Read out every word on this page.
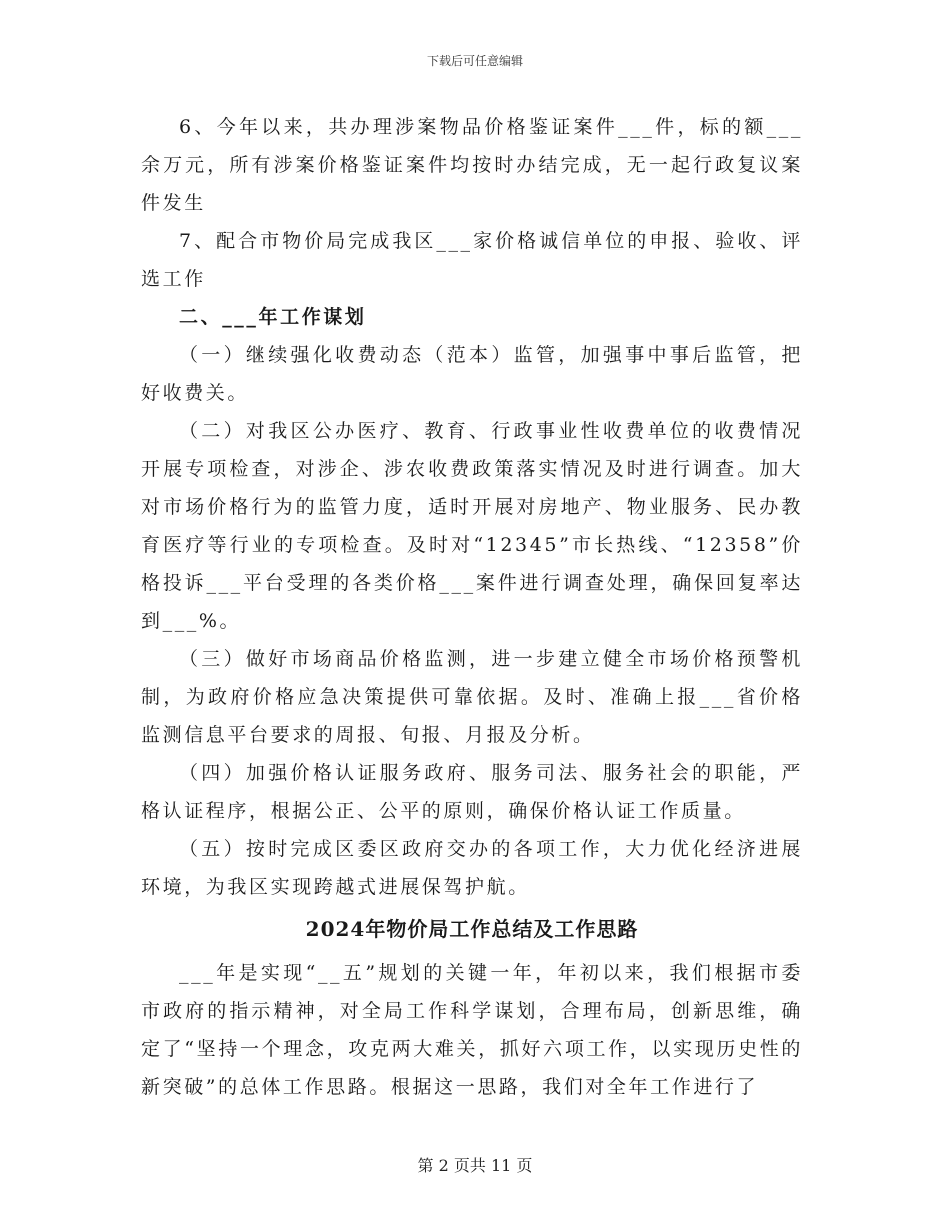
下载后可任意编辑

6、今年以来，共办理涉案物品价格鉴证案件___件，标的额___余万元，所有涉案价格鉴证案件均按时办结完成，无一起行政复议案件发生

7、配合市物价局完成我区___家价格诚信单位的申报、验收、评选工作

二、___年工作谋划

（一）继续强化收费动态（范本）监管，加强事中事后监管，把好收费关。

（二）对我区公办医疗、教育、行政事业性收费单位的收费情况开展专项检查，对涉企、涉农收费政策落实情况及时进行调查。加大对市场价格行为的监管力度，适时开展对房地产、物业服务、民办教育医疗等行业的专项检查。及时对“12345”市长热线、“12358”价格投诉___平台受理的各类价格___案件进行调查处理，确保回复率达到___%。

（三）做好市场商品价格监测，进一步建立健全市场价格预警机制，为政府价格应急决策提供可靠依据。及时、准确上报___省价格监测信息平台要求的周报、旬报、月报及分析。

（四）加强价格认证服务政府、服务司法、服务社会的职能，严格认证程序，根据公正、公平的原则，确保价格认证工作质量。

（五）按时完成区委区政府交办的各项工作，大力优化经济进展环境，为我区实现跨越式进展保驾护航。

2024年物价局工作总结及工作思路

___年是实现“__五”规划的关键一年，年初以来，我们根据市委市政府的指示精神，对全局工作科学谋划，合理布局，创新思维，确定了“坚持一个理念，攻克两大难关，抓好六项工作，以实现历史性的新突破”的总体工作思路。根据这一思路，我们对全年工作进行了

第 2 页共 11 页
